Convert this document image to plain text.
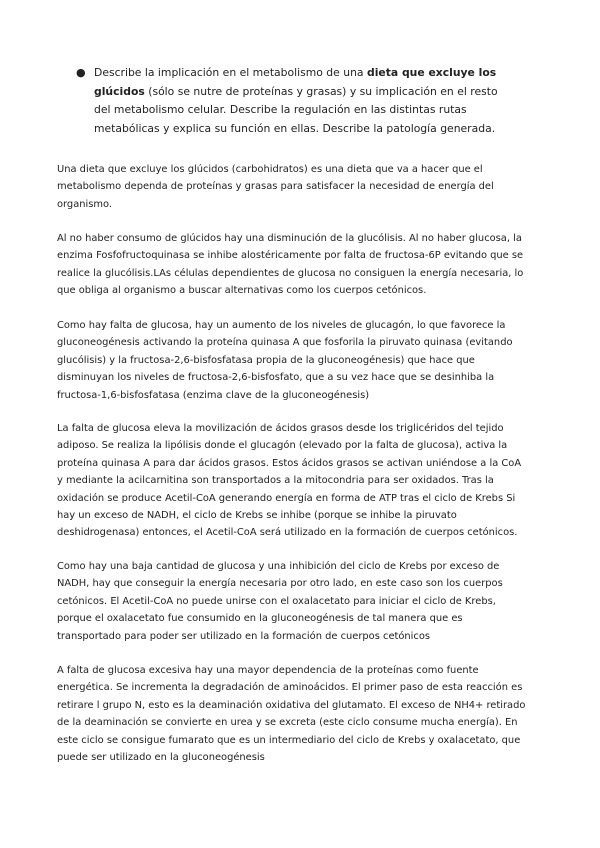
● Describe la implicación en el metabolismo de una dieta que excluye los glúcidos (sólo se nutre de proteínas y grasas) y su implicación en el resto del metabolismo celular. Describe la regulación en las distintas rutas metabólicas y explica su función en ellas. Describe la patología generada.

Una dieta que excluye los glúcidos (carbohidratos) es una dieta que va a hacer que el metabolismo dependa de proteínas y grasas para satisfacer la necesidad de energía del organismo.

Al no haber consumo de glúcidos hay una disminución de la glucólisis. Al no haber glucosa, la enzima Fosfofructoquinasa se inhibe alostéricamente por falta de fructosa-6P evitando que se realice la glucólisis.LAs células dependientes de glucosa no consiguen la energía necesaria, lo que obliga al organismo a buscar alternativas como los cuerpos cetónicos.

Como hay falta de glucosa, hay un aumento de los niveles de glucagón, lo que favorece la gluconeogénesis activando la proteína quinasa A que fosforila la piruvato quinasa (evitando glucólisis) y la fructosa-2,6-bisfosfatasa propia de la gluconeogénesis) que hace que disminuyan los niveles de fructosa-2,6-bisfosfato, que a su vez hace que se desinhiba la fructosa-1,6-bisfosfatasa (enzima clave de la gluconeogénesis)

La falta de glucosa eleva la movilización de ácidos grasos desde los triglicéridos del tejido adiposo. Se realiza la lipólisis donde el glucagón (elevado por la falta de glucosa), activa la proteína quinasa A para dar ácidos grasos. Estos ácidos grasos se activan uniéndose a la CoA y mediante la acilcarnitina son transportados a la mitocondria para ser oxidados. Tras la oxidación se produce Acetil-CoA generando energía en forma de ATP tras el ciclo de Krebs Si hay un exceso de NADH, el ciclo de Krebs se inhibe (porque se inhibe la piruvato deshidrogenasa) entonces, el Acetil-CoA será utilizado en la formación de cuerpos cetónicos.

Como hay una baja cantidad de glucosa y una inhibición del ciclo de Krebs por exceso de NADH, hay que conseguir la energía necesaria por otro lado, en este caso son los cuerpos cetónicos. El Acetil-CoA no puede unirse con el oxalacetato para iniciar el ciclo de Krebs, porque el oxalacetato fue consumido en la gluconeogénesis de tal manera que es transportado para poder ser utilizado en la formación de cuerpos cetónicos

A falta de glucosa excesiva hay una mayor dependencia de la proteínas como fuente energética. Se incrementa la degradación de aminoácidos. El primer paso de esta reacción es retirare l grupo N, esto es la deaminación oxidativa del glutamato. El exceso de NH4+ retirado de la deaminación se convierte en urea y se excreta (este ciclo consume mucha energía). En este ciclo se consigue fumarato que es un intermediario del ciclo de Krebs y oxalacetato, que puede ser utilizado en la gluconeogénesis
